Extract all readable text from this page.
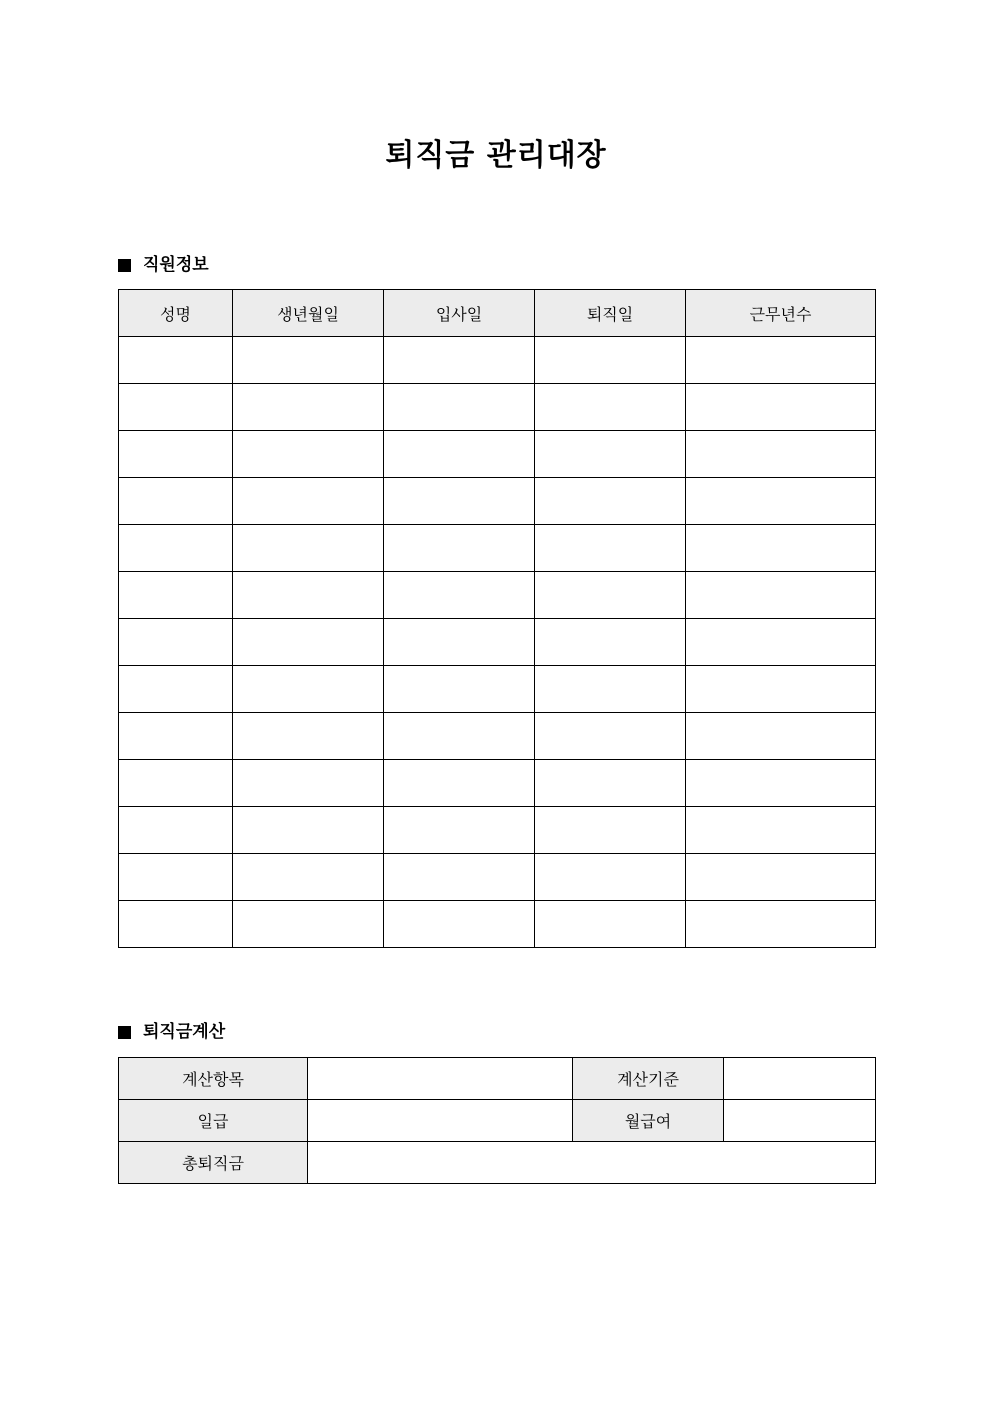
퇴직금 관리대장
직원정보
성명	생년월일	입사일	퇴직일	근무년수

퇴직금계산
계산항목		계산기준	
일급		월급여	
총퇴직금			
